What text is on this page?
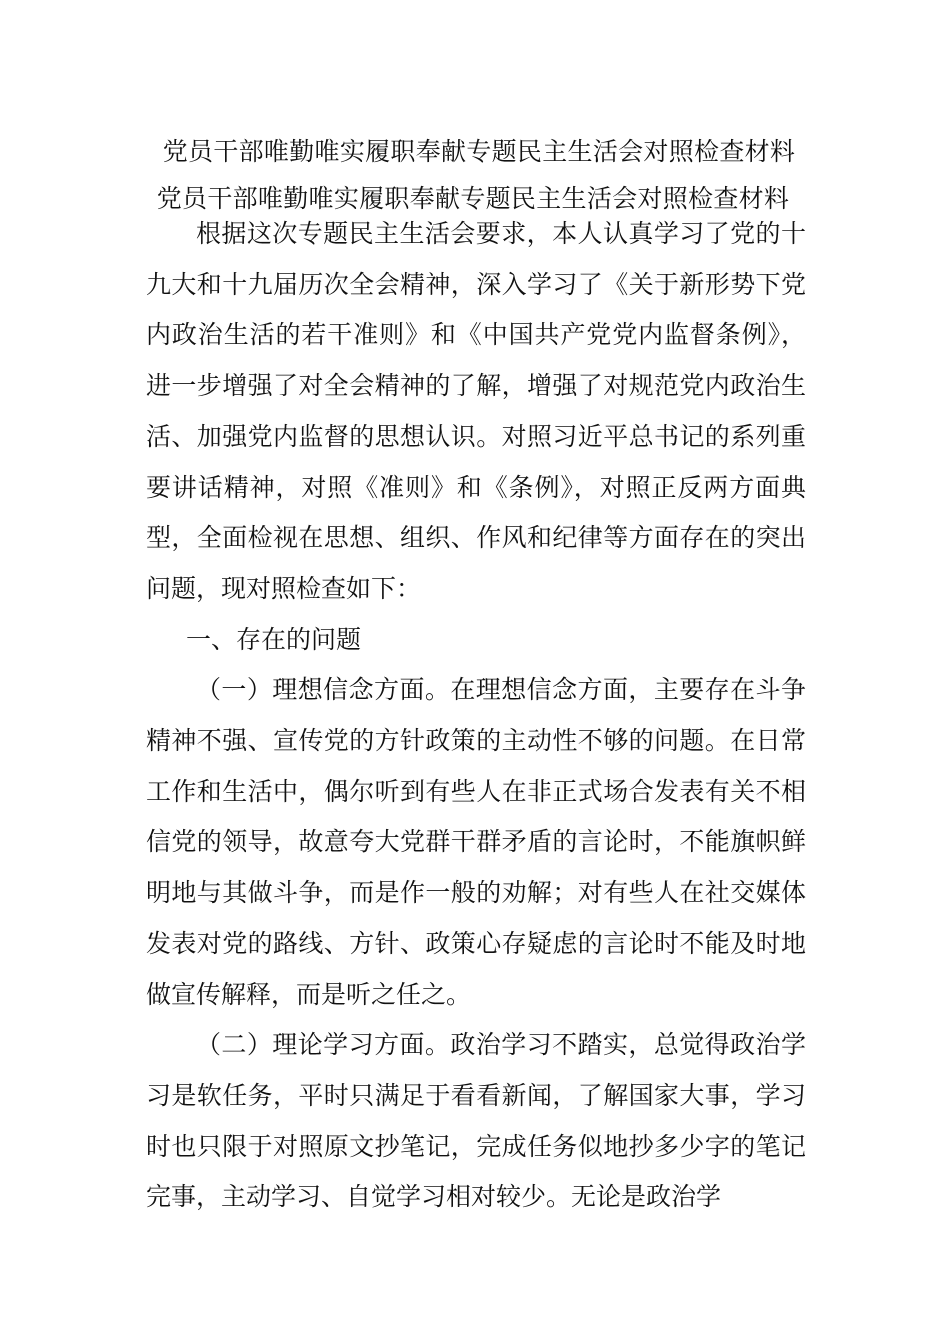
党员干部唯勤唯实履职奉献专题民主生活会对照检查材料
党员干部唯勤唯实履职奉献专题民主生活会对照检查材料

根据这次专题民主生活会要求，本人认真学习了党的十九大和十九届历次全会精神，深入学习了《关于新形势下党内政治生活的若干准则》和《中国共产党党内监督条例》，进一步增强了对全会精神的了解，增强了对规范党内政治生活、加强党内监督的思想认识。对照习近平总书记的系列重要讲话精神，对照《准则》和《条例》，对照正反两方面典型，全面检视在思想、组织、作风和纪律等方面存在的突出问题，现对照检查如下：

一、存在的问题

（一）理想信念方面。在理想信念方面，主要存在斗争精神不强、宣传党的方针政策的主动性不够的问题。在日常工作和生活中，偶尔听到有些人在非正式场合发表有关不相信党的领导，故意夸大党群干群矛盾的言论时，不能旗帜鲜明地与其做斗争，而是作一般的劝解；对有些人在社交媒体发表对党的路线、方针、政策心存疑虑的言论时不能及时地做宣传解释，而是听之任之。

（二）理论学习方面。政治学习不踏实，总觉得政治学习是软任务，平时只满足于看看新闻，了解国家大事，学习时也只限于对照原文抄笔记，完成任务似地抄多少字的笔记完事，主动学习、自觉学习相对较少。无论是政治学
